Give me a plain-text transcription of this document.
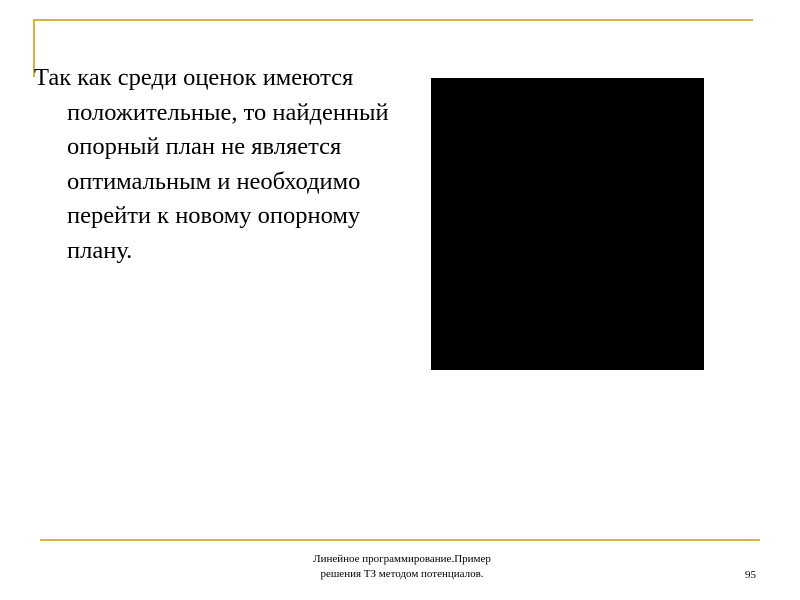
Так как среди оценок имеются положительные, то найденный опорный план не является оптимальным и необходимо перейти к новому опорному плану.

Линейное программирование.Пример
решения ТЗ методом потенциалов.	95
